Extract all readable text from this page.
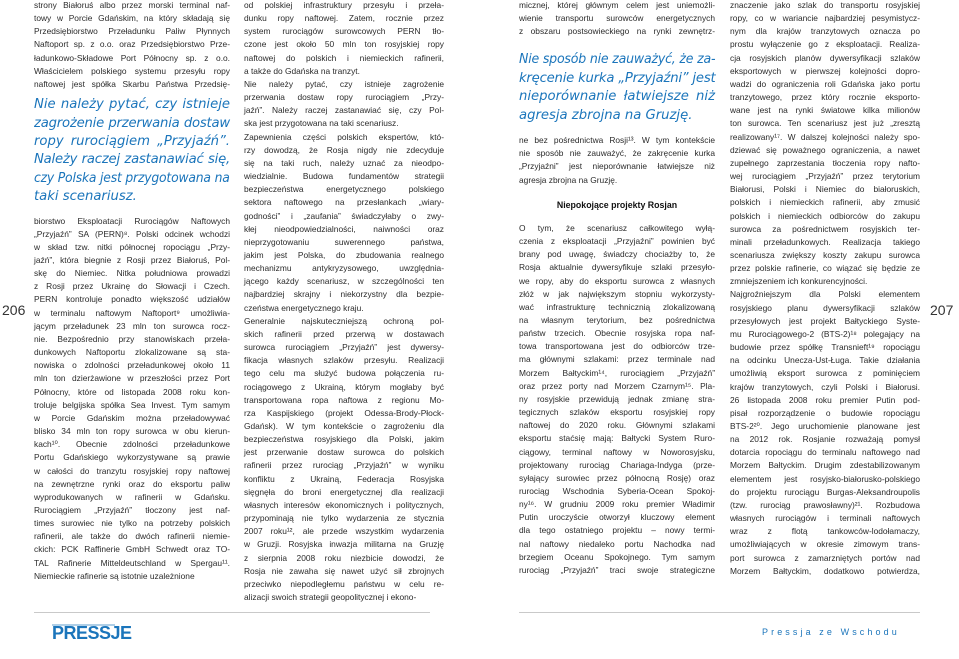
206	207

strony Białoruś albo przez morski terminal naf-

towy w Porcie Gdańskim, na który składają się

Przedsiębiorstwo Przeładunku Paliw Płynnych

Naftoport sp. z o.o. oraz Przedsiębiorstwo Prze-

ładunkowo-Składowe Port Północny sp. z o.o.

Właścicielem polskiego systemu przesyłu ropy

naftowej jest spółka Skarbu Państwa Przedsię-

Nie należy pytać, czy istnieje

zagrożenie przerwania dostaw

ropy rurociągiem „Przyjaźń”.

Należy raczej zastanawiać się,

czy Polska jest przygotowana na

taki scenariusz.

biorstwo Eksploatacji Rurociągów Naftowych

„Przyjaźń” SA (PERN)⁸. Polski odcinek wchodzi

w skład tzw. nitki północnej ropociągu „Przy-

jaźń”, która biegnie z Rosji przez Białoruś, Pol-

skę do Niemiec. Nitka południowa prowadzi

z Rosji przez Ukrainę do Słowacji i Czech.

PERN kontroluje ponadto większość udziałów

w terminalu naftowym Naftoport⁹ umożliwia-

jącym przeładunek 23 mln ton surowca rocz-

nie. Bezpośrednio przy stanowiskach przeła-

dunkowych Naftoportu zlokalizowane są sta-

nowiska o zdolności przeładunkowej około 11

mln ton dzierżawione w przeszłości przez Port

Północny, które od listopada 2008 roku kon-

troluje belgijska spółka Sea Invest. Tym samym

w Porcie Gdańskim można przeładowywać

blisko 34 mln ton ropy surowca w obu kierun-

kach¹⁰. Obecnie zdolności przeładunkowe

Portu Gdańskiego wykorzystywane są prawie

w całości do tranzytu rosyjskiej ropy naftowej

na zewnętrzne rynki oraz do eksportu paliw

wyprodukowanych w rafinerii w Gdańsku.

Rurociągiem „Przyjaźń” tłoczony jest naf-

times surowiec nie tylko na potrzeby polskich

rafinerii, ale także do dwóch rafinerii niemie-

ckich: PCK Raffinerie GmbH Schwedt oraz TO-

TAL Rafinerie Mitteldeutschland w Spergau¹¹.

Niemieckie rafinerie są istotnie uzależnione

od polskiej infrastruktury przesyłu i przeła-

dunku ropy naftowej. Zatem, rocznie przez

system rurociągów surowcowych PERN tło-

czone jest około 50 mln ton rosyjskiej ropy

naftowej do polskich i niemieckich rafinerii,

a także do Gdańska na tranzyt.

Nie należy pytać, czy istnieje zagrożenie

przerwania dostaw ropy rurociągiem „Przy-

jaźń”. Należy raczej zastanawiać się, czy Pol-

ska jest przygotowana na taki scenariusz.

Zapewnienia części polskich ekspertów, któ-

rzy dowodzą, że Rosja nigdy nie zdecyduje

się na taki ruch, należy uznać za nieodpo-

wiedzialnie. Budowa fundamentów strategii

bezpieczeństwa energetycznego polskiego

sektora naftowego na przesłankach „wiary-

godności” i „zaufania” świadczyłaby o zwy-

kłej nieodpowiedzialności, naiwności oraz

nieprzygotowaniu suwerennego państwa,

jakim jest Polska, do zbudowania realnego

mechanizmu antykryzysowego, uwzględnia-

jącego każdy scenariusz, w szczególności ten

najbardziej skrajny i niekorzystny dla bezpie-

czeństwa energetycznego kraju.

Generalnie najskuteczniejszą ochroną pol-

skich rafinerii przed przerwą w dostawach

surowca rurociągiem „Przyjaźń” jest dywersy-

fikacja własnych szlaków przesyłu. Realizacji

tego celu ma służyć budowa połączenia ru-

rociągowego z Ukrainą, którym mogłaby być

transportowana ropa naftowa z regionu Mo-

rza Kaspijskiego (projekt Odessa-Brody-Płock-

Gdańsk). W tym kontekście o zagrożeniu dla

bezpieczeństwa rosyjskiego dla Polski, jakim

jest przerwanie dostaw surowca do polskich

rafinerii przez rurociąg „Przyjaźń” w wyniku

konfliktu z Ukrainą, Federacja Rosyjska

sięgnęła do broni energetycznej dla realizacji

własnych interesów ekonomicznych i politycznych,

przypominają nie tylko wydarzenia ze stycznia

2007 roku¹², ale przede wszystkim wydarzenia

w Gruzji. Rosyjska inwazja militarna na Gruzję

z sierpnia 2008 roku niezbicie dowodzi, że

Rosja nie zawaha się nawet użyć sił zbrojnych

przeciwko niepodległemu państwu w celu re-

alizacji swoich strategii geopolitycznej i ekono-

micznej, której głównym celem jest uniemożli-

wienie transportu surowców energetycznych

z obszaru postsowieckiego na rynki zewnętrz-

Nie sposób nie zauważyć, że za-

kręcenie kurka „Przyjaźni” jest

nieporównanie łatwiejsze niż

agresja zbrojna na Gruzję.

ne bez pośrednictwa Rosji¹³. W tym kontekście

nie sposób nie zauważyć, że zakręcenie kurka

„Przyjaźni” jest nieporównanie łatwiejsze niż

agresja zbrojna na Gruzję.

Niepokojące projekty Rosjan

O tym, że scenariusz całkowitego wyłą-

czenia z eksploatacji „Przyjaźni” powinien być

brany pod uwagę, świadczy chociażby to, że

Rosja aktualnie dywersyfikuje szlaki przesyło-

we ropy, aby do eksportu surowca z własnych

złóż w jak największym stopniu wykorzysty-

wać infrastrukturę technicznią zlokalizowaną

na własnym terytorium, bez pośrednictwa

państw trzecich. Obecnie rosyjska ropa naf-

towa transportowana jest do odbiorców trze-

ma głównymi szlakami: przez terminale nad

Morzem Bałtyckim¹⁴, rurociągiem „Przyjaźń”

oraz przez porty nad Morzem Czarnym¹⁵. Pla-

ny rosyjskie przewidują jednak zmianę stra-

tegicznych szlaków eksportu rosyjskiej ropy

naftowej do 2020 roku. Głównymi szlakami

eksportu staćsię mają: Bałtycki System Ruro-

ciągowy, terminal naftowy w Noworosyjsku,

projektowany rurociąg Chariaga-Indyga (prze-

syłający surowiec przez północną Rosję) oraz

rurociąg Wschodnia Syberia-Ocean Spokoj-

ny¹⁶. W grudniu 2009 roku premier Władimir

Putin uroczyście otworzył kluczowy element

dla tego ostatniego projektu – nowy termi-

nal naftowy niedaleko portu Nachodka nad

brzegiem Oceanu Spokojnego. Tym samym

rurociąg „Przyjaźń” traci swoje strategiczne

znaczenie jako szlak do transportu rosyjskiej

ropy, co w wariancie najbardziej pesymistycz-

nym dla krajów tranzytowych oznacza po

prostu wyłączenie go z eksploatacji. Realiza-

cja rosyjskich planów dywersyfikacji szlaków

eksportowych w pierwszej kolejności dopro-

wadzi do ograniczenia roli Gdańska jako portu

tranzytowego, przez który rocznie eksporto-

wane jest na rynki światowe kilka milionów

ton surowca. Ten scenariusz jest już „zresztą

realizowany¹⁷. W dalszej kolejności należy spo-

dziewać się poważnego ograniczenia, a nawet

zupełnego zaprzestania tłoczenia ropy nafto-

wej rurociągiem „Przyjaźń” przez terytorium

Białorusi, Polski i Niemiec do białoruskich,

polskich i niemieckich rafinerii, aby zmusić

polskich i niemieckich odbiorców do zakupu

surowca za pośrednictwem rosyjskich ter-

minali przeładunkowych. Realizacja takiego

scenariusza zwiększy koszty zakupu surowca

przez polskie rafinerie, co wiązać się będzie ze

zmniejszeniem ich konkurencyjności.

Najgroźniejszym dla Polski elementem

rosyjskiego planu dywersyfikacji szlaków

przesyłowych jest projekt Bałtyckiego Syste-

mu Rurociągowego-2 (BTS-2)¹⁸ polegający na

budowie przez spółkę Transnieft¹⁹ ropociągu

na odcinku Unecza-Ust-Ługa. Takie działania

umożliwią eksport surowca z pominięciem

krajów tranzytowych, czyli Polski i Białorusi.

26 listopada 2008 roku premier Putin pod-

pisał rozporządzenie o budowie ropociągu

BTS-2²⁰. Jego uruchomienie planowane jest

na 2012 rok. Rosjanie rozważają pomysł

dotarcia ropociągu do terminalu naftowego nad

Morzem Bałtyckim. Drugim zdestabilizowanym

elementem jest rosyjsko-białorusko-polskiego

do projektu rurociągu Burgas-Aleksandroupolis

(tzw. rurociąg prawosławny)²¹. Rozbudowa

własnych rurociągów i terminali naftowych

wraz z flotą tankowców-lodołamaczy,

umożliwiających w okresie zimowym trans-

port surowca z zamarzniętych portów nad

Morzem Bałtyckim, dodatkowo potwierdza,

PRESSJE	Pressja ze Wschodu
